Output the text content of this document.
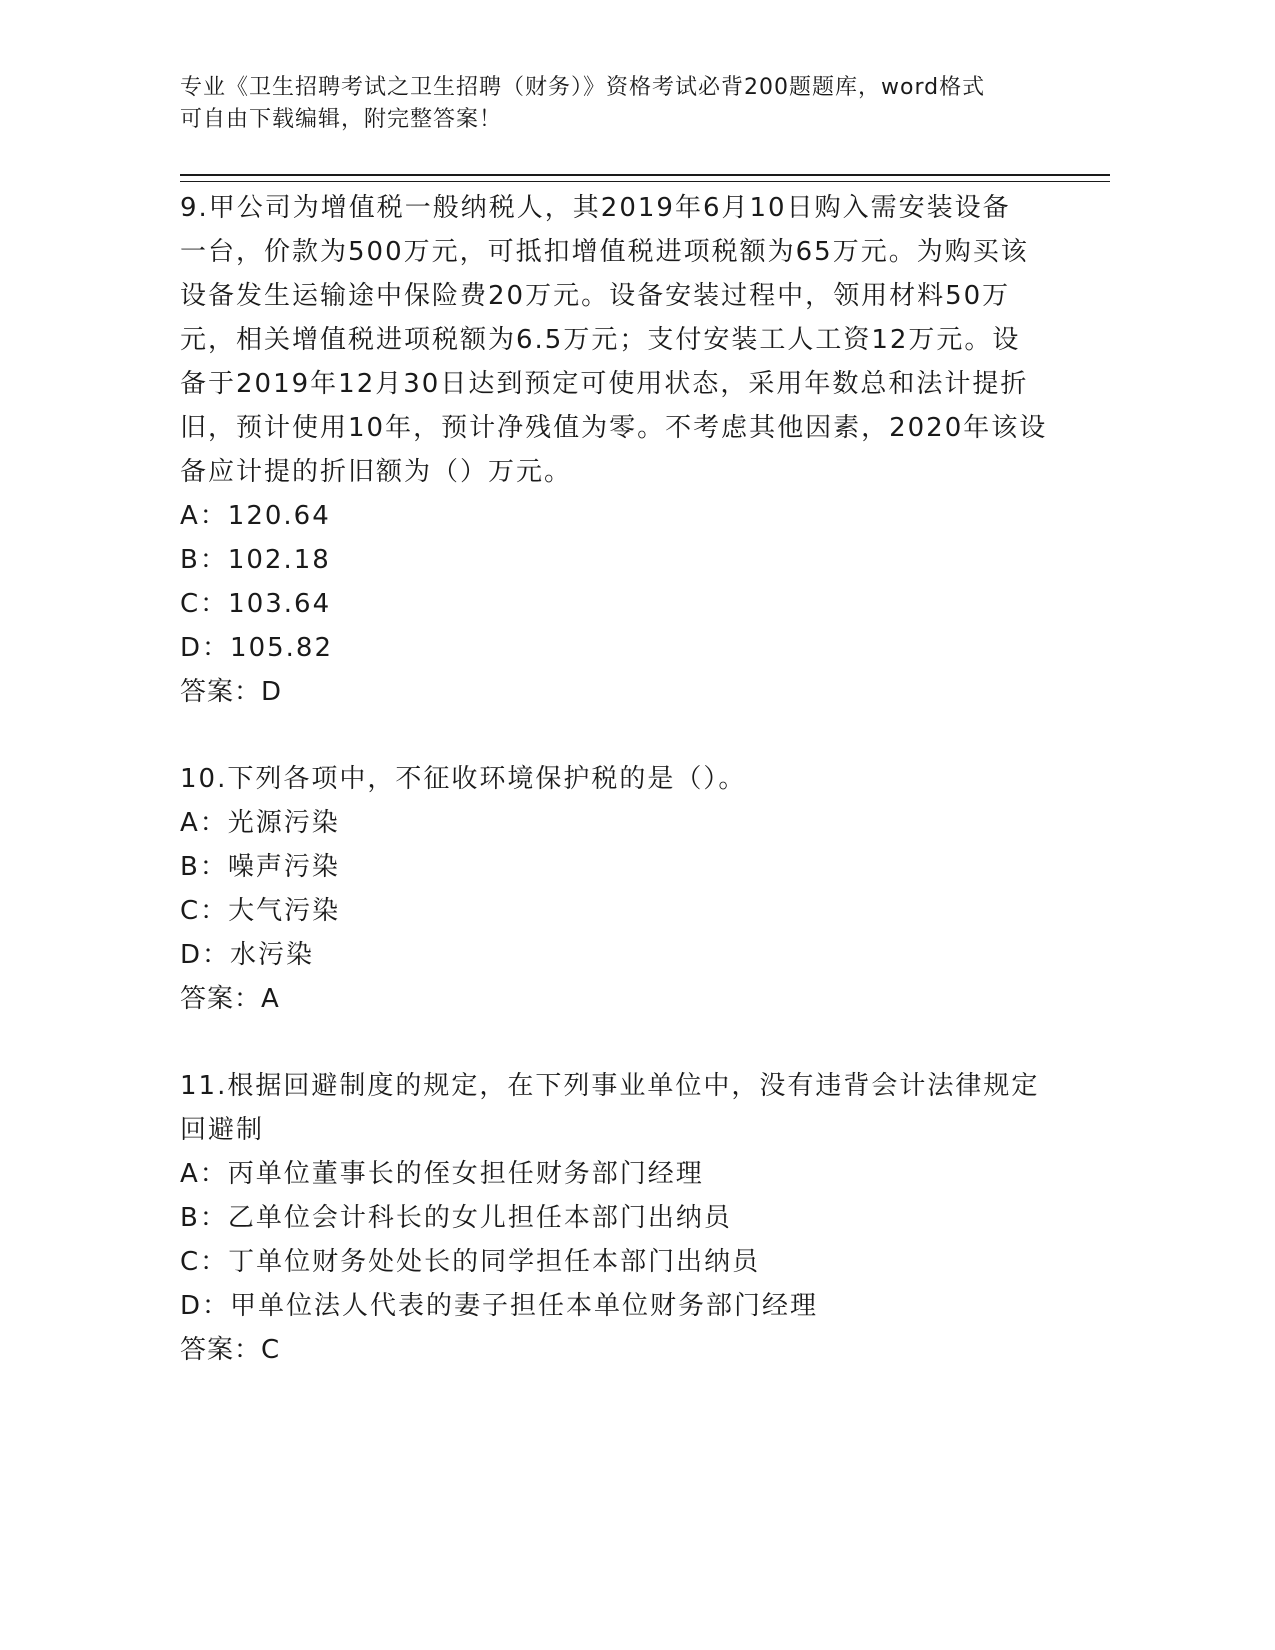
专业《卫生招聘考试之卫生招聘（财务）》资格考试必背200题题库，word格式
可自由下载编辑，附完整答案！
9.甲公司为增值税一般纳税人，其2019年6月10日购入需安装设备
一台，价款为500万元，可抵扣增值税进项税额为65万元。为购买该
设备发生运输途中保险费20万元。设备安装过程中，领用材料50万
元，相关增值税进项税额为6.5万元；支付安装工人工资12万元。设
备于2019年12月30日达到预定可使用状态，采用年数总和法计提折
旧，预计使用10年，预计净残值为零。不考虑其他因素，2020年该设
备应计提的折旧额为（）万元。
A：120.64
B：102.18
C：103.64
D：105.82
答案：D
10.下列各项中，不征收环境保护税的是（）。
A：光源污染
B：噪声污染
C：大气污染
D：水污染
答案：A
11.根据回避制度的规定，在下列事业单位中，没有违背会计法律规定
回避制
A：丙单位董事长的侄女担任财务部门经理
B：乙单位会计科长的女儿担任本部门出纳员
C：丁单位财务处处长的同学担任本部门出纳员
D：甲单位法人代表的妻子担任本单位财务部门经理
答案：C
